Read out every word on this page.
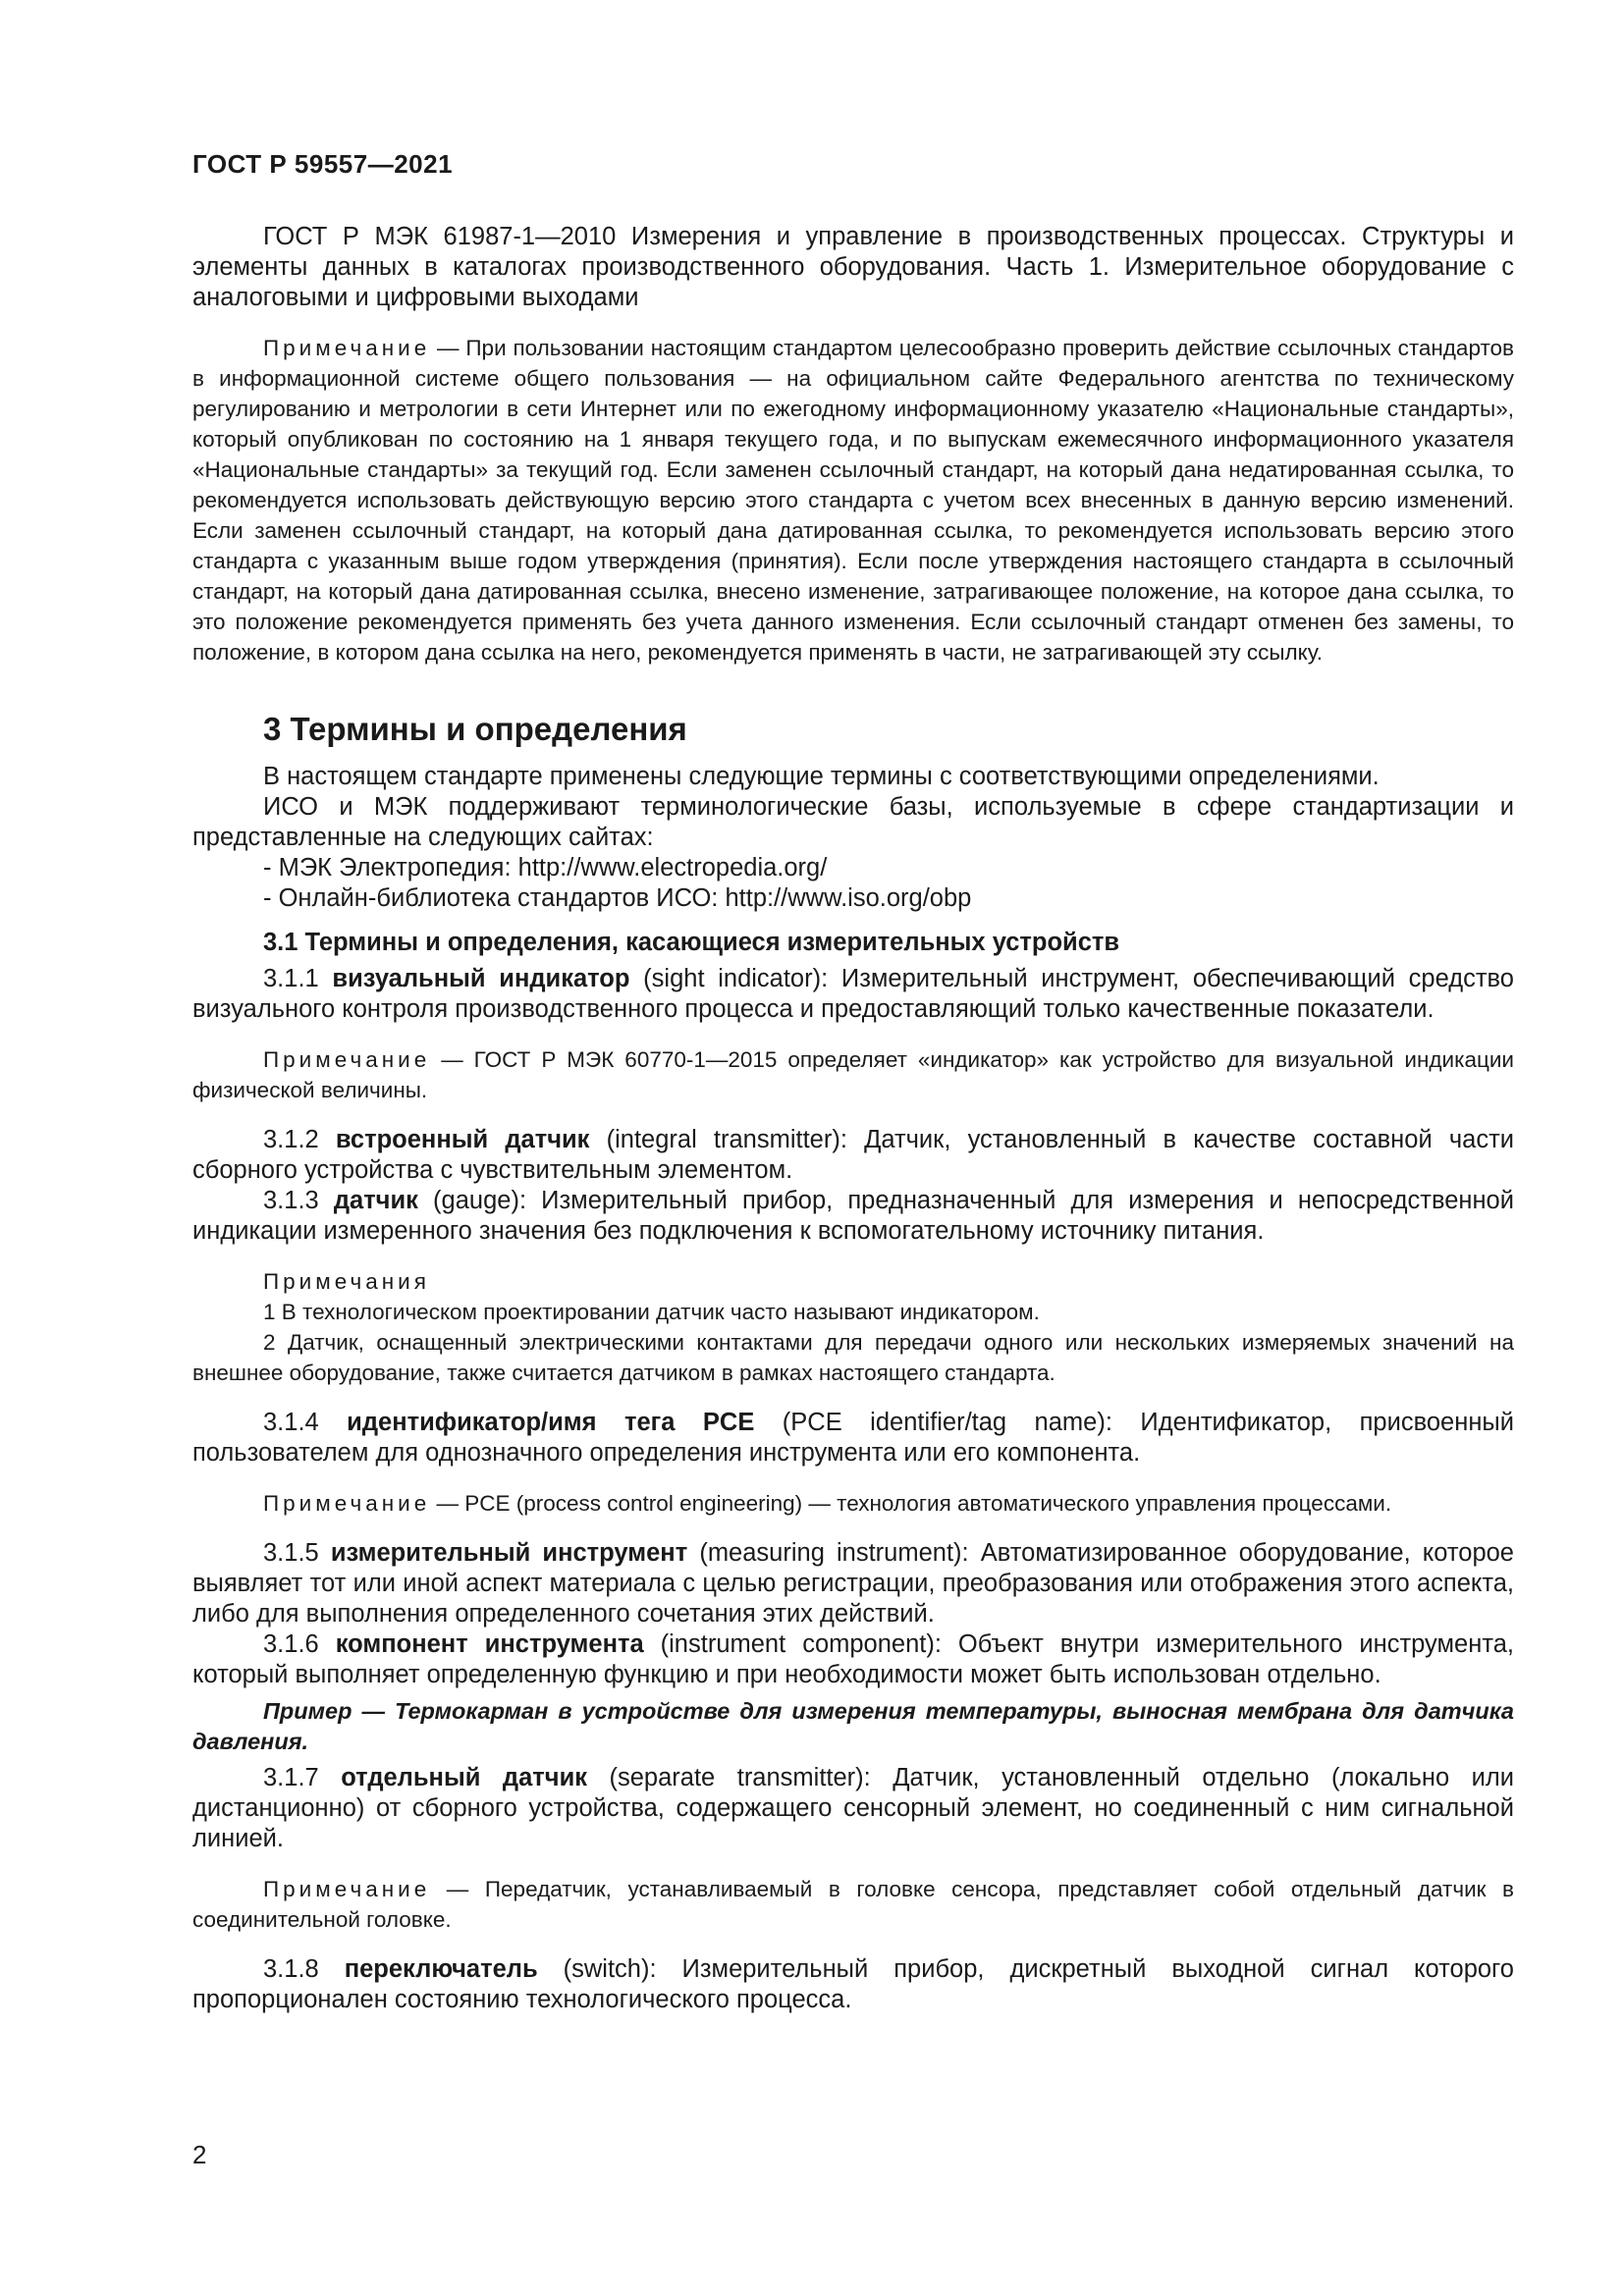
ГОСТ Р 59557—2021

ГОСТ Р МЭК 61987-1—2010 Измерения и управление в производственных процессах. Структуры и элементы данных в каталогах производственного оборудования. Часть 1. Измерительное оборудование с аналоговыми и цифровыми выходами

Примечание — При пользовании настоящим стандартом целесообразно проверить действие ссылочных стандартов в информационной системе общего пользования — на официальном сайте Федерального агентства по техническому регулированию и метрологии в сети Интернет или по ежегодному информационному указателю «Национальные стандарты», который опубликован по состоянию на 1 января текущего года, и по выпускам ежемесячного информационного указателя «Национальные стандарты» за текущий год. Если заменен ссылочный стандарт, на который дана недатированная ссылка, то рекомендуется использовать действующую версию этого стандарта с учетом всех внесенных в данную версию изменений. Если заменен ссылочный стандарт, на который дана датированная ссылка, то рекомендуется использовать версию этого стандарта с указанным выше годом утверждения (принятия). Если после утверждения настоящего стандарта в ссылочный стандарт, на который дана датированная ссылка, внесено изменение, затрагивающее положение, на которое дана ссылка, то это положение рекомендуется применять без учета данного изменения. Если ссылочный стандарт отменен без замены, то положение, в котором дана ссылка на него, рекомендуется применять в части, не затрагивающей эту ссылку.

3 Термины и определения

В настоящем стандарте применены следующие термины с соответствующими определениями.

ИСО и МЭК поддерживают терминологические базы, используемые в сфере стандартизации и представленные на следующих сайтах:

- МЭК Электропедия: http://www.electropedia.org/
- Онлайн-библиотека стандартов ИСО: http://www.iso.org/obp
3.1 Термины и определения, касающиеся измерительных устройств

3.1.1 визуальный индикатор (sight indicator): Измерительный инструмент, обеспечивающий средство визуального контроля производственного процесса и предоставляющий только качественные показатели.

Примечание — ГОСТ Р МЭК 60770-1—2015 определяет «индикатор» как устройство для визуальной индикации физической величины.

3.1.2 встроенный датчик (integral transmitter): Датчик, установленный в качестве составной части сборного устройства с чувствительным элементом.

3.1.3 датчик (gauge): Измерительный прибор, предназначенный для измерения и непосредственной индикации измеренного значения без подключения к вспомогательному источнику питания.

Примечания

1 В технологическом проектировании датчик часто называют индикатором.

2 Датчик, оснащенный электрическими контактами для передачи одного или нескольких измеряемых значений на внешнее оборудование, также считается датчиком в рамках настоящего стандарта.

3.1.4 идентификатор/имя тега PCE (PCE identifier/tag name): Идентификатор, присвоенный пользователем для однозначного определения инструмента или его компонента.

Примечание — PCE (process control engineering) — технология автоматического управления процессами.

3.1.5 измерительный инструмент (measuring instrument): Автоматизированное оборудование, которое выявляет тот или иной аспект материала с целью регистрации, преобразования или отображения этого аспекта, либо для выполнения определенного сочетания этих действий.

3.1.6 компонент инструмента (instrument component): Объект внутри измерительного инструмента, который выполняет определенную функцию и при необходимости может быть использован отдельно.

Пример — Термокарман в устройстве для измерения температуры, выносная мембрана для датчика давления.

3.1.7 отдельный датчик (separate transmitter): Датчик, установленный отдельно (локально или дистанционно) от сборного устройства, содержащего сенсорный элемент, но соединенный с ним сигнальной линией.

Примечание — Передатчик, устанавливаемый в головке сенсора, представляет собой отдельный датчик в соединительной головке.

3.1.8 переключатель (switch): Измерительный прибор, дискретный выходной сигнал которого пропорционален состоянию технологического процесса.

2
